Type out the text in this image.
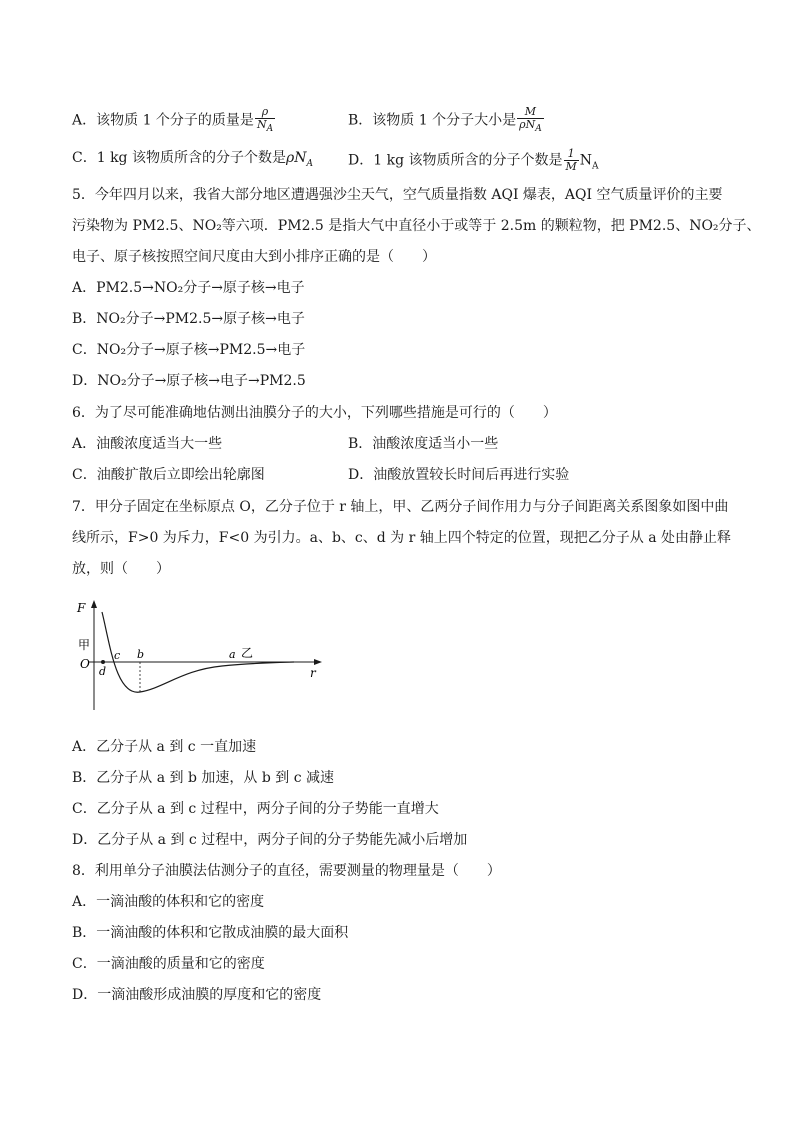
A．该物质 1 个分子的质量是 $\frac{\rho}{N_A}$	B．该物质 1 个分子大小是 $\frac{M}{\rho N_A}$
C．1 kg 该物质所含的分子个数是$\rho N_A$	D．1 kg 该物质所含的分子个数是 $\frac{1}{M} N_A$
5．今年四月以来，我省大部分地区遭遇强沙尘天气，空气质量指数 AQI 爆表，AQI 空气质量评价的主要
污染物为 PM2.5、NO₂等六项．PM2.5 是指大气中直径小于或等于 2.5m 的颗粒物，把 PM2.5、NO₂分子、
电子、原子核按照空间尺度由大到小排序正确的是（　　）
A．PM2.5→NO₂分子→原子核→电子
B．NO₂分子→PM2.5→原子核→电子
C．NO₂分子→原子核→PM2.5→电子
D．NO₂分子→原子核→电子→PM2.5
6．为了尽可能准确地估测出油膜分子的大小，下列哪些措施是可行的（　　）
A．油酸浓度适当大一些	B．油酸浓度适当小一些
C．油酸扩散后立即绘出轮廓图	D．油酸放置较长时间后再进行实验
7．甲分子固定在坐标原点 O，乙分子位于 r 轴上，甲、乙两分子间作用力与分子间距离关系图象如图中曲
线所示，F>0 为斥力，F<0 为引力。a、b、c、d 为 r 轴上四个特定的位置，现把乙分子从 a 处由静止释
放，则（　　）
F
甲
O
c b
d
a 乙
r
A．乙分子从 a 到 c 一直加速
B．乙分子从 a 到 b 加速，从 b 到 c 减速
C．乙分子从 a 到 c 过程中，两分子间的分子势能一直增大
D．乙分子从 a 到 c 过程中，两分子间的分子势能先减小后增加
8．利用单分子油膜法估测分子的直径，需要测量的物理量是（　　）
A．一滴油酸的体积和它的密度
B．一滴油酸的体积和它散成油膜的最大面积
C．一滴油酸的质量和它的密度
D．一滴油酸形成油膜的厚度和它的密度
